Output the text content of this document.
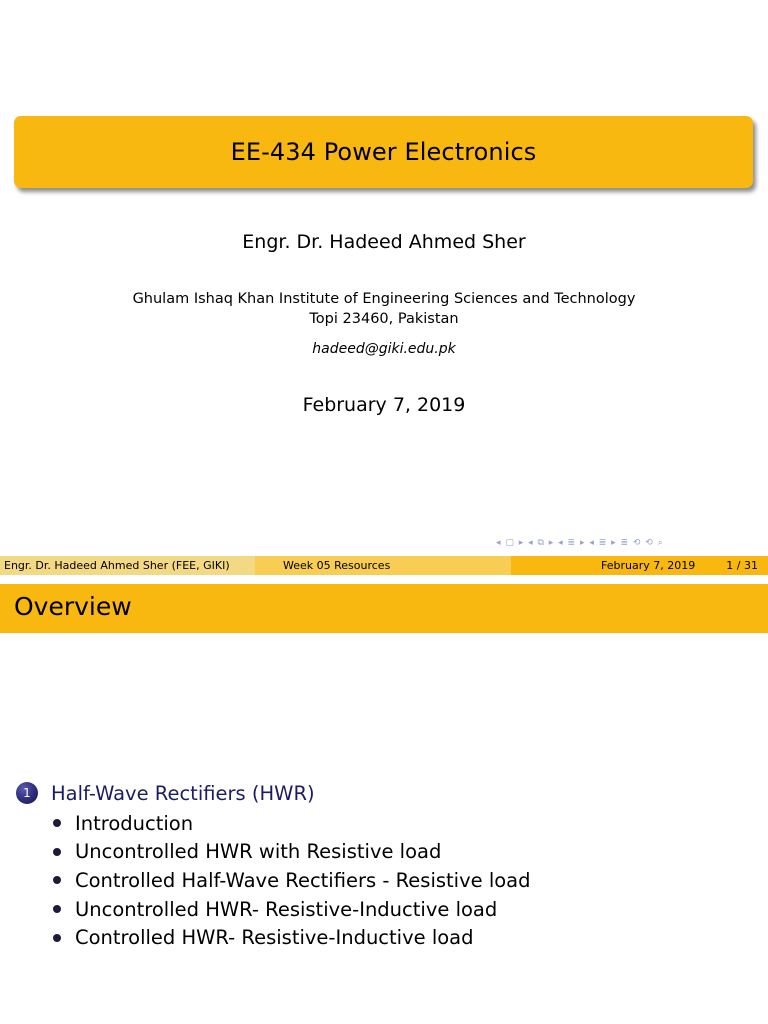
EE-434 Power Electronics
Engr. Dr. Hadeed Ahmed Sher
Ghulam Ishaq Khan Institute of Engineering Sciences and Technology
Topi 23460, Pakistan
hadeed@giki.edu.pk
February 7, 2019
◂ ▢ ▸ ◂ ⧉ ▸ ◂ ≣ ▸ ◂ ≣ ▸ ≣ ⟲ ⟲ ⌕
Engr. Dr. Hadeed Ahmed Sher (FEE, GIKI)	Week 05 Resources	February 7, 2019	1 / 31
Overview
1	Half-Wave Rectifiers (HWR)
Introduction
Uncontrolled HWR with Resistive load
Controlled Half-Wave Rectifiers - Resistive load
Uncontrolled HWR- Resistive-Inductive load
Controlled HWR- Resistive-Inductive load
